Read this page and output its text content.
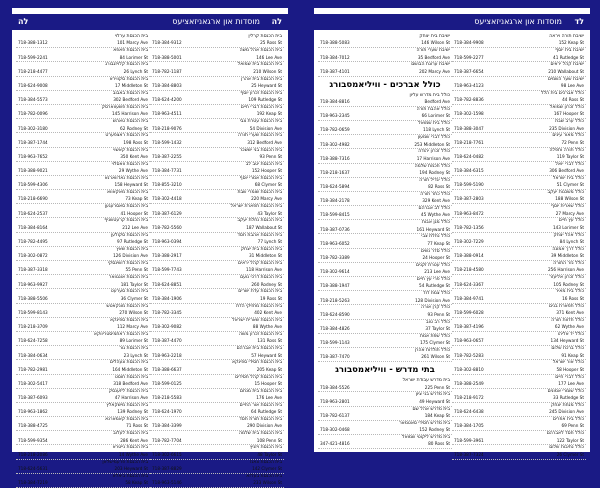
לה	מוסדות און ארגאניזאציעס לה
בית הכנסת קרלין
25 Ross St
718-384-9312
בית הכנסת אהל משה
146 Lee Ave
718-388-5001
בית הכנסת בית שמואל
210 Wilson St
718-782-1187
בית הכנסת בית אהרן
25 Heyward St
718-384-8803
בית הכנסת זכרון יוסף
109 Rutledge St
718-624-4200
בית הכנסת דברי חיים
192 Keap St
718-963-4511
בית הכנסת עטרת צבי
54 Division Ave
718-218-9076
בית הכנסת שערי תורה
312 Bedford Ave
718-599-1432
בית הכנסת בני יששכר
93 Penn St
718-387-2255
בית הכנסת יטב לב
152 Hooper St
718-384-7731
בית הכנסת אמרי יוסף
68 Clymer St
718-855-3210
בית הכנסת שומרי שבת
220 Marcy Ave
718-302-4418
בית הכנסת תפארת ישראל
43 Taylor St
718-387-6129
בית הכנסת נחלת יעקב
187 Wallabout St
718-782-5560
בית הכנסת אהבת חסד
77 Lynch St
718-963-0394
בית הכנסת בית יצחק
31 Middleton St
718-388-2917
בית הכנסת קהל יראים
118 Harrison Ave
718-599-7743
בית הכנסת דרכי נועם
260 Rodney St
718-624-8851
בית הכנסת עדת ישרים
19 Ross St
718-384-1906
בית הכנסת מחזיקי הדת
402 Kent Ave
718-782-3345
בית הכנסת שארית ישראל
88 Wythe Ave
718-302-9082
בית הכנסת זכרון משה
131 Ross St
718-387-4470
בית הכנסת בית אברהם
57 Heyward St
718-963-2218
בית הכנסת חסידי ספינקא
205 Keap St
718-388-6637
בית הכנסת קהל חסידים
15 Hooper St
718-599-0125
בית הכנסת בית מנחם
176 Lee Ave
718-218-5583
בית הכנסת אור החיים
64 Rutledge St
718-624-1970
בית הכנסת תורת חסד
290 Division Ave
718-384-3399
בית הכנסת בית שלמה
108 Penn St
718-782-7704
בית הכנסת ויזניץ
48 Taylor St
718-302-6615
בית הכנסת צאנז
142 Clymer St
718-387-8829
בית הכנסת בעלזא
233 Wilson St
718-963-5146
בית הכנסת ערלוי
101 Marcy Ave
718-388-1312
בית הכנסת פאפא
84 Lorimer St
718-599-2241
בית הכנסת קלויזנבורג
26 Lynch St
718-218-4477
בית הכנסת סקווירא
17 Middleton St
718-624-9008
בית הכנסת באבוב
302 Bedford Ave
718-384-5573
בית הכנסת פשעווארסק
145 Harrison Ave
718-782-0096
בית הכנסת טאהש
62 Rodney St
718-302-3180
בית הכנסת ראצפערט
198 Ross St
718-387-1744
בית הכנסת קאשוי
350 Kent Ave
718-963-7652
בית הכנסת וואסלוי
29 Wythe Ave
718-388-9021
בית הכנסת נאדווארנא
158 Heyward St
718-599-4306
בית הכנסת מאקאווא
73 Keap St
718-218-6690
בית הכנסת סאסרעגען
41 Hooper St
718-624-2537
בית הכנסת קרעטשניף
212 Lee Ave
718-384-8164
בית הכנסת סקולען
97 Rutledge St
718-782-4495
בית הכנסת שאץ
126 Division Ave
718-302-0872
בית הכנסת דושינסקי
55 Penn St
718-387-3318
בית הכנסת אונגוואר
181 Taylor St
718-963-9927
בית הכנסת סערעט
36 Clymer St
718-388-5506
בית הכנסת מונקאטש
270 Wilson St
718-599-8143
בית הכנסת ספינקא
112 Marcy Ave
718-218-3709
בית הכנסת ראחמיסטריווקא
89 Lorimer St
718-624-7258
בית הכנסת גור
23 Lynch St
718-384-0634
בית הכנסת צעהלים
164 Middleton St
718-782-2981
בית הכנסת חוסט
318 Bedford Ave
718-302-5417
בית הכנסת ליזענסק
47 Harrison Ave
718-387-6093
בית הכנסת מישקאלץ
139 Rodney St
718-963-1862
בית הכנסת קאמארנא
71 Ross St
718-388-4725
בית הכנסת לעלוב
286 Kent Ave
718-599-9354
בית הכנסת נייטרא
14 Wythe Ave
718-218-2086
בית הכנסת פרעמישלאן
203 Heyward St
718-624-5631
בית הכנסת ביאלא
58 Keap St
718-384-7219
מוסדות און ארגאניזאציעס לד
ישיבת תורה ויראה
152 Keap St
718-384-9908
ישיבת בית יוסף
41 Rutledge St
718-599-2277
ישיבת קהל יראים
210 Wallabout St
718-387-6654
ישיבת שער השמים
98 Lee Ave
718-963-4123
כולל אברכים בית הלל
44 Ross St
718-782-8836
כולל זכרון שמואל
167 Hooper St
718-302-1598
כולל ערב שבת
235 Division Ave
718-388-3047
כולל מאור עינים
72 Penn St
718-218-7761
כולל תורה ותפלה
119 Taylor St
718-624-0482
כולל דברי יואל
306 Bedford Ave
718-384-6315
כולל בית ישראל
51 Clymer St
718-599-5190
כולל משכנות יעקב
188 Wilson St
718-387-2803
כולל שארית יוסף
27 Marcy Ave
718-963-8472
כולל עץ חיים
143 Lorimer St
718-782-1356
כולל אהל יצחק
84 Lynch St
718-302-7229
כולל דרך אמונה
39 Middleton St
718-388-0914
כולל נזר התורה
256 Harrison Ave
718-218-4580
כולל זכרון אליעזר
105 Rodney St
718-624-3367
כולל בית מאיר
16 Ross St
718-384-9741
כולל תפארת בנים
371 Kent Ave
718-599-6028
כולל חדוות תורה
62 Wythe Ave
718-387-4196
כולל יד אליהו
134 Heyward St
718-963-0657
כולל ברכת שלום
91 Keap St
718-782-5283
כולל אור ישראל
58 Hooper St
718-302-8810
כולל דברי חיים
177 Lee Ave
718-388-2549
כולל שומרי אמונים
33 Rutledge St
718-218-9172
כולל מנחת יצחק
245 Division Ave
718-624-6438
כולל בית אפרים
69 Penn St
718-384-1705
כולל חסד לאברהם
122 Taylor St
718-599-3961
כולל נתיבות שלום
26 Clymer St
718-387-7324
ישיבת בית יצחק
146 Wilson St
718-388-5083
ישיבת שערי תורה
35 Bedford Ave
718-384-7012
ישיבת ערוגת הבושם
202 Marcy Ave
718-387-4101
כולל אברכים - וויליאמסבורג
כולל בית מדרש עליון
Bedford Ave
718-384-8816
כולל אהבת תורה
66 Lorimer St
718-963-2345
כולל בית שמואל
118 Lynch St
718-782-0659
כולל דברי שמעון
253 Middleton St
718-302-4982
כולל זכרון יהודה
17 Harrison Ave
718-388-7316
כולל חכמת שלמה
194 Rodney St
718-218-1637
כולל יגדיל תורה
82 Ross St
718-624-5894
כולל כתר תורה
329 Kent Ave
718-384-2178
כולל לב אברהם
45 Wythe Ave
718-599-8415
כולל מגן אבות
161 Heyward St
718-387-0736
כולל נחלת צבי
77 Keap St
718-963-6052
כולל סדר נשים
24 Hooper St
718-782-3389
כולל עטרת זקנים
213 Lee Ave
718-302-9614
כולל פרי עץ חיים
54 Rutledge St
718-388-1947
כולל צמח דוד
128 Division Ave
718-218-5263
כולל קרן אורה
93 Penn St
718-624-8590
כולל רב טוב
37 Taylor St
718-384-4826
כולל שפת אמת
175 Clymer St
718-599-1143
כולל תולדות אהרן
261 Wilson St
718-387-7470
בתי מדרש - וויליאמסבורג
בית מדרש עבודת ישראל
225 Penn St
718-384-5526
בית מדרש בני ציון
49 Heyward St
718-963-2801
בית מדרש אהל שם
184 Keap St
718-782-6137
בית מדרש חסידי סאטמאר
152 Rodney St
718-302-0468
בית מדרש ליקוטי שמואל
80 Ross St
347-421-4816
